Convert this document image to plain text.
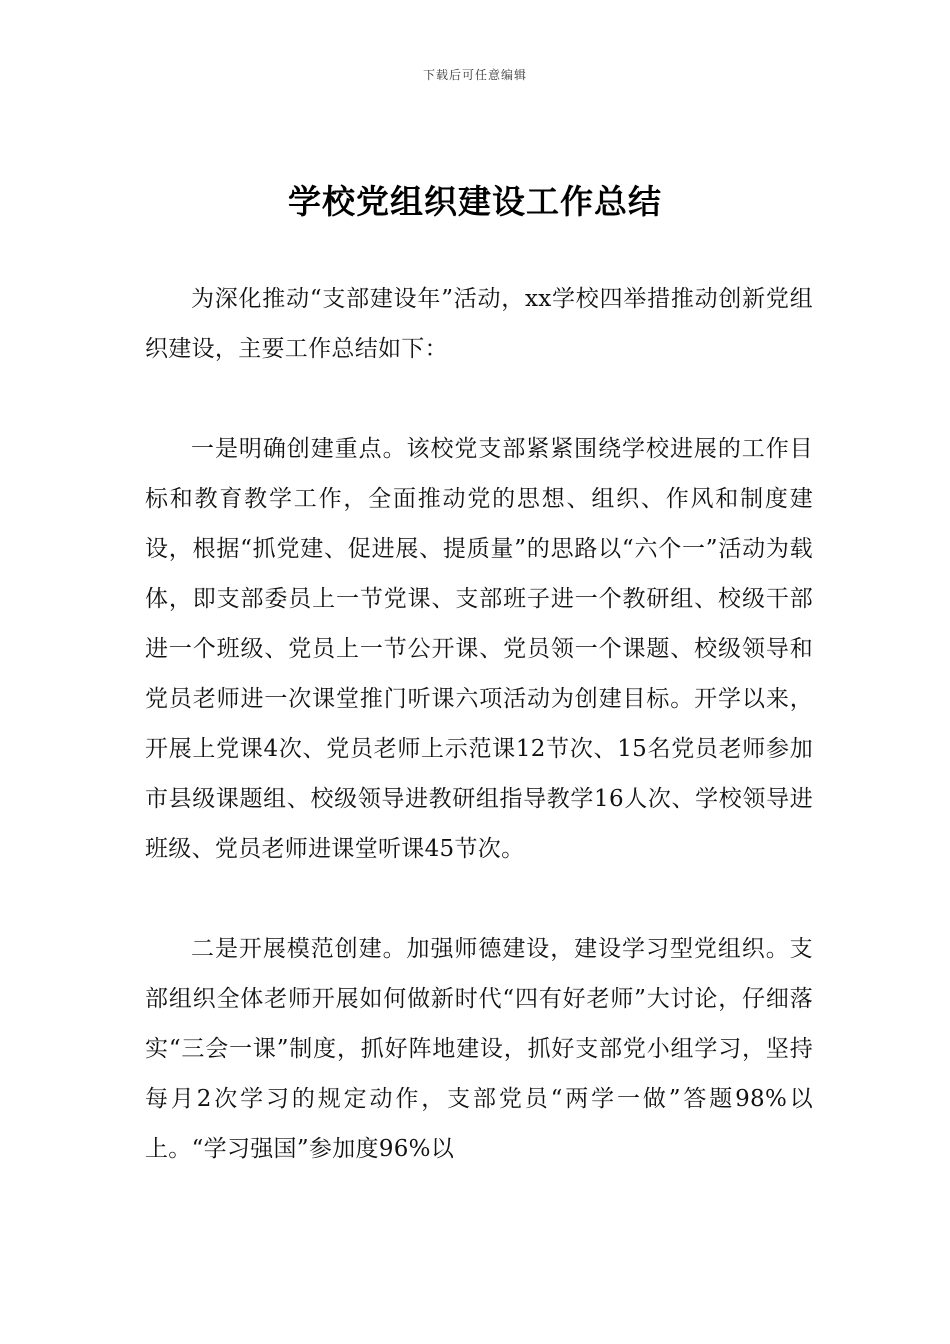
下载后可任意编辑
学校党组织建设工作总结

为深化推动“支部建设年”活动，xx学校四举措推动创新党组织建设，主要工作总结如下：

一是明确创建重点。该校党支部紧紧围绕学校进展的工作目标和教育教学工作，全面推动党的思想、组织、作风和制度建设，根据“抓党建、促进展、提质量”的思路以“六个一”活动为载体，即支部委员上一节党课、支部班子进一个教研组、校级干部进一个班级、党员上一节公开课、党员领一个课题、校级领导和党员老师进一次课堂推门听课六项活动为创建目标。开学以来，开展上党课4次、党员老师上示范课12节次、15名党员老师参加市县级课题组、校级领导进教研组指导教学16人次、学校领导进班级、党员老师进课堂听课45节次。

二是开展模范创建。加强师德建设，建设学习型党组织。支部组织全体老师开展如何做新时代“四有好老师”大讨论，仔细落实“三会一课”制度，抓好阵地建设，抓好支部党小组学习，坚持每月2次学习的规定动作，支部党员“两学一做”答题98%以上。“学习强国”参加度96%以
